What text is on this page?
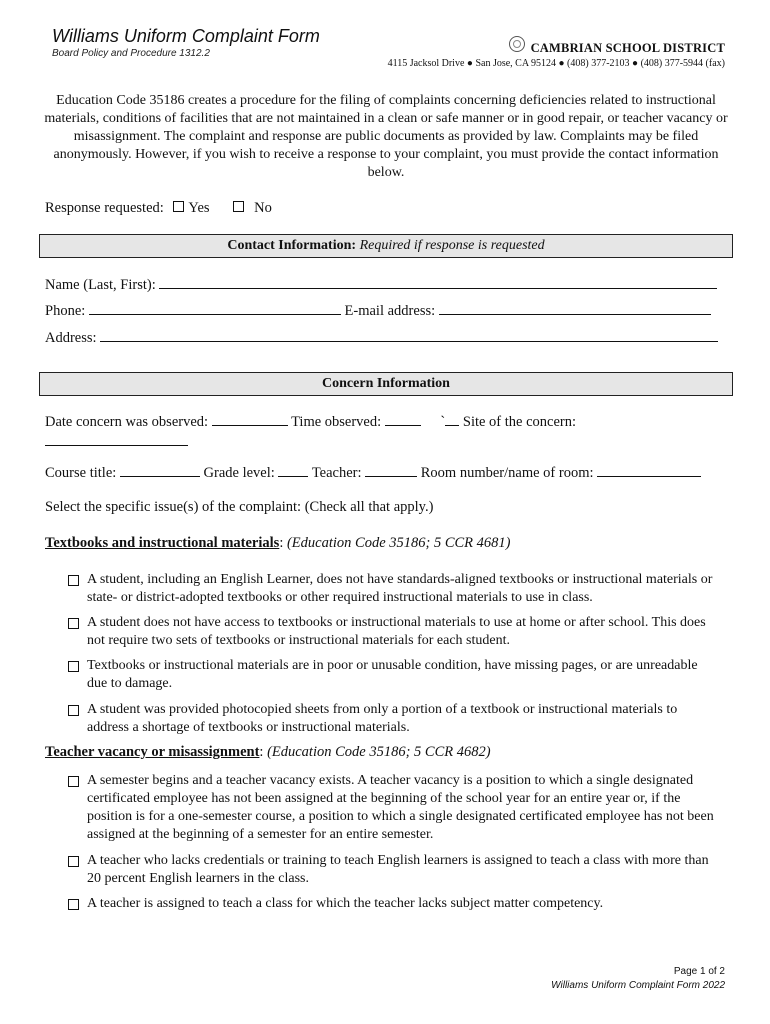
Williams Uniform Complaint Form
Board Policy and Procedure 1312.2	CAMBRIAN SCHOOL DISTRICT
4115 Jacksol Drive ● San Jose, CA 95124 ● (408) 377-2103 ● (408) 377-5944 (fax)
Education Code 35186 creates a procedure for the filing of complaints concerning deficiencies related to instructional materials, conditions of facilities that are not maintained in a clean or safe manner or in good repair, or teacher vacancy or misassignment. The complaint and response are public documents as provided by law. Complaints may be filed anonymously. However, if you wish to receive a response to your complaint, you must provide the contact information below.
Response requested: Yes	No
Contact Information: Required if response is requested
Name (Last, First):
Phone:	E-mail address:
Address:
Concern Information
Date concern was observed:	Time observed:	` Site of the concern:
Course title:	Grade level:	Teacher:	Room number/name of room:
Select the specific issue(s) of the complaint: (Check all that apply.)
Textbooks and instructional materials: (Education Code 35186; 5 CCR 4681)
A student, including an English Learner, does not have standards-aligned textbooks or instructional materials or state- or district-adopted textbooks or other required instructional materials to use in class.
A student does not have access to textbooks or instructional materials to use at home or after school. This does not require two sets of textbooks or instructional materials for each student.
Textbooks or instructional materials are in poor or unusable condition, have missing pages, or are unreadable due to damage.
A student was provided photocopied sheets from only a portion of a textbook or instructional materials to address a shortage of textbooks or instructional materials.
Teacher vacancy or misassignment: (Education Code 35186; 5 CCR 4682)
A semester begins and a teacher vacancy exists. A teacher vacancy is a position to which a single designated certificated employee has not been assigned at the beginning of the school year for an entire year or, if the position is for a one-semester course, a position to which a single designated certificated employee has not been assigned at the beginning of a semester for an entire semester.
A teacher who lacks credentials or training to teach English learners is assigned to teach a class with more than 20 percent English learners in the class.
A teacher is assigned to teach a class for which the teacher lacks subject matter competency.
Page 1 of 2
Williams Uniform Complaint Form 2022
